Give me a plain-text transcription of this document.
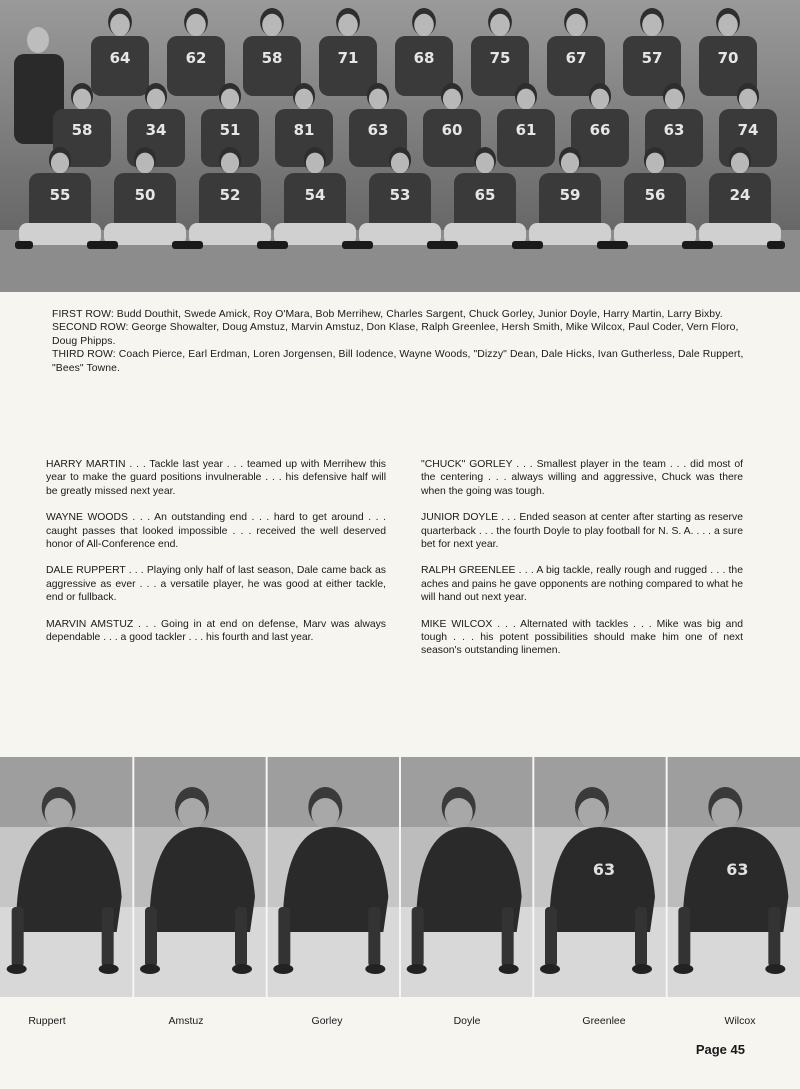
64	62	58	71	68	75	67	57	70
58	34	51	81	63	60	61	66	63	74
55	50	52	54	53	65	59	56	24

FIRST ROW: Budd Douthit, Swede Amick, Roy O'Mara, Bob Merrihew, Charles Sargent, Chuck Gorley, Junior Doyle, Harry Martin, Larry Bixby.

SECOND ROW: George Showalter, Doug Amstuz, Marvin Amstuz, Don Klase, Ralph Greenlee, Hersh Smith, Mike Wilcox, Paul Coder, Vern Floro, Doug Phipps.

THIRD ROW: Coach Pierce, Earl Erdman, Loren Jorgensen, Bill Iodence, Wayne Woods, "Dizzy" Dean, Dale Hicks, Ivan Gutherless, Dale Ruppert, "Bees" Towne.

HARRY MARTIN . . . Tackle last year . . . teamed up with Merrihew this year to make the guard positions invulnerable . . . his defensive half will be greatly missed next year.

WAYNE WOODS . . . An outstanding end . . . hard to get around . . . caught passes that looked impossible . . . received the well deserved honor of All-Conference end.

DALE RUPPERT . . . Playing only half of last season, Dale came back as aggressive as ever . . . a versatile player, he was good at either tackle, end or fullback.

MARVIN AMSTUZ . . . Going in at end on defense, Marv was always dependable . . . a good tackler . . . his fourth and last year.

"CHUCK" GORLEY . . . Smallest player in the team . . . did most of the centering . . . always willing and aggressive, Chuck was there when the going was tough.

JUNIOR DOYLE . . . Ended season at center after starting as reserve quarterback . . . the fourth Doyle to play football for N. S. A. . . . a sure bet for next year.

RALPH GREENLEE . . . A big tackle, really rough and rugged . . . the aches and pains he gave opponents are nothing compared to what he will hand out next year.

MIKE WILCOX . . . Alternated with tackles . . . Mike was big and tough . . . his potent possibilities should make him one of next season's outstanding linemen.

63	63
Ruppert	Amstuz	Gorley	Doyle	Greenlee	Wilcox
Page 45
